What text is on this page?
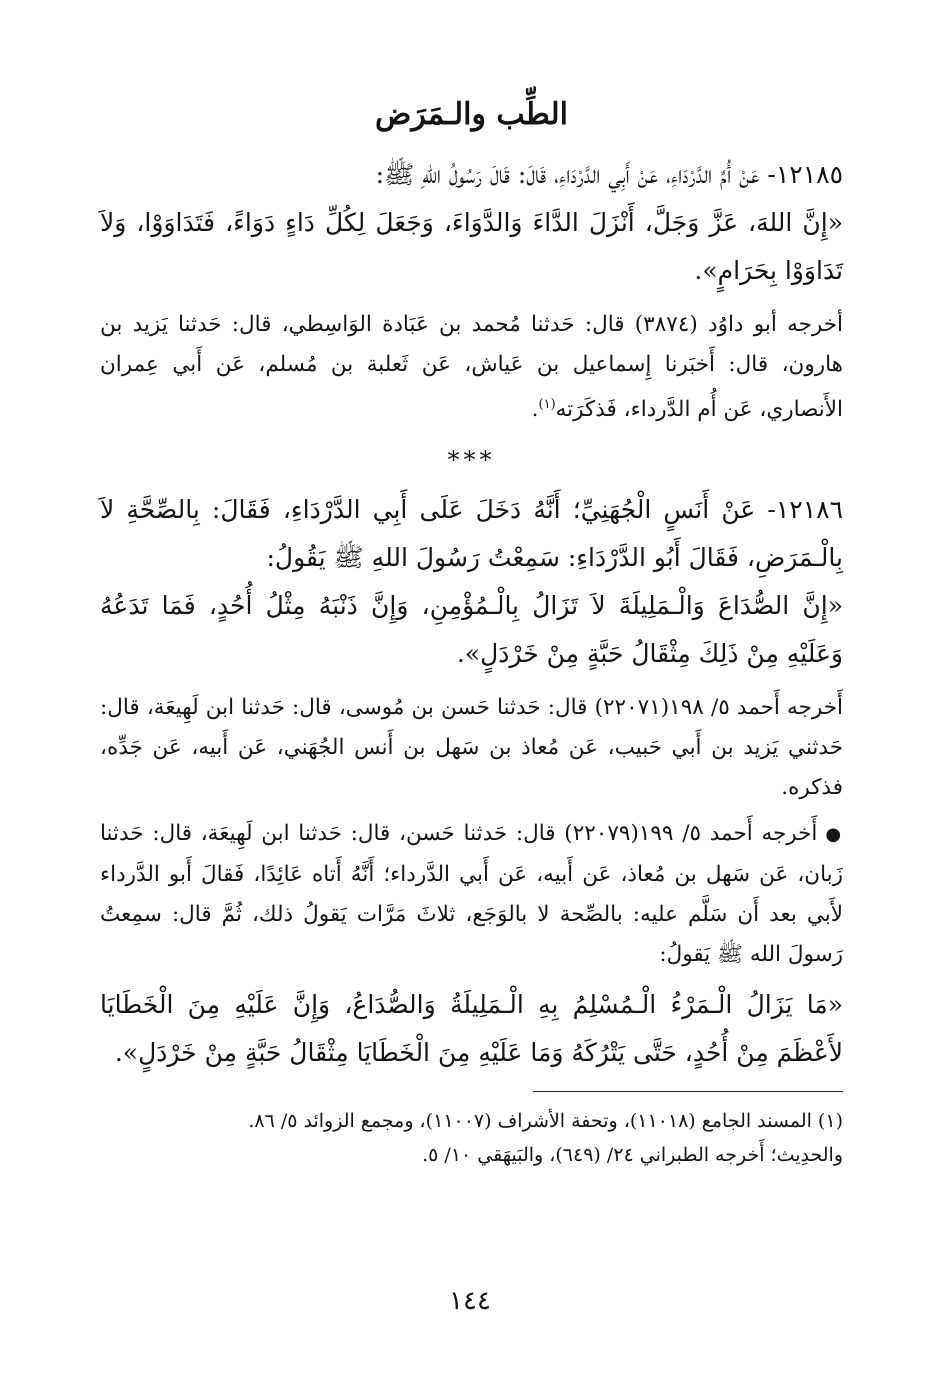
الطِّب والـمَرَض

١٢١٨٥- عَنْ أُمِّ الدَّرْدَاءِ، عَنْ أَبِي الدَّرْدَاءِ، قَالَ: قَالَ رَسُولُ اللهِ ﷺ:

«إِنَّ اللهَ، عَزَّ وَجَلَّ، أَنْزَلَ الدَّاءَ وَالدَّوَاءَ، وَجَعَلَ لِكُلِّ دَاءٍ دَوَاءً، فَتَدَاوَوْا، وَلاَ تَدَاوَوْا بِحَرَامٍ».

أخرجه أبو داوُد (٣٨٧٤) قال: حَدثنا مُحمد بن عَبَادة الوَاسِطي، قال: حَدثنا يَزيد بن هارون، قال: أَخبَرنا إِسماعيل بن عَياش، عَن ثَعلبة بن مُسلم، عَن أَبي عِمران الأَنصاري، عَن أُم الدَّرداء، فَذكَرَته$^{(١)}$.

***

١٢١٨٦- عَنْ أَنَسٍ الْجُهَنِيِّ؛ أَنَّهُ دَخَلَ عَلَى أَبِي الدَّرْدَاءِ، فَقَالَ: بِالصِّحَّةِ لاَ بِالْـمَرَضِ، فَقَالَ أَبُو الدَّرْدَاءِ: سَمِعْتُ رَسُولَ اللهِ ﷺ يَقُولُ:

«إِنَّ الصُّدَاعَ وَالْـمَلِيلَةَ لاَ تَزَالُ بِالْـمُؤْمِنِ، وَإِنَّ ذَنْبَهُ مِثْلُ أُحُدٍ، فَمَا تَدَعُهُ وَعَلَيْهِ مِنْ ذَلِكَ مِثْقَالُ حَبَّةٍ مِنْ خَرْدَلٍ».

أَخرجه أَحمد ٥/ ١٩٨(٢٢٠٧١) قال: حَدثنا حَسن بن مُوسى، قال: حَدثنا ابن لَهِيعَة، قال: حَدثني يَزيد بن أَبي حَبيب، عَن مُعاذ بن سَهل بن أَنس الجُهَني، عَن أَبيه، عَن جَدِّه، فذكره.

●أَخرجه أَحمد ٥/ ١٩٩(٢٢٠٧٩) قال: حَدثنا حَسن، قال: حَدثنا ابن لَهِيعَة، قال: حَدثنا زَبان، عَن سَهل بن مُعاذ، عَن أَبيه، عَن أَبي الدَّرداء؛ أَنَّهُ أَتاه عَائِدًا، فَقالَ أَبو الدَّرداء لأَبي بعد أَن سَلَّم عليه: بالصِّحة لا بالوَجَع، ثلاثَ مَرَّات يَقولُ ذلك، ثُمَّ قال: سمِعتُ رَسولَ الله ﷺ يَقولُ:

«مَا يَزَالُ الْـمَرْءُ الْـمُسْلِمُ بِهِ الْـمَلِيلَةُ وَالصُّدَاعُ، وَإِنَّ عَلَيْهِ مِنَ الْخَطَايَا لأَعْظَمَ مِنْ أُحُدٍ، حَتَّى يَتْرُكَهُ وَمَا عَلَيْهِ مِنَ الْخَطَايَا مِثْقَالُ حَبَّةٍ مِنْ خَرْدَلٍ».

(١) المسند الجامع (١١٠١٨)، وتحفة الأشراف (١١٠٠٧)، ومجمع الزوائد ٥/ ٨٦.

والحدِيث؛ أَخرجه الطبراني ٢٤/ (٦٤٩)، والبَيهَقي ١٠/ ٥.

١٤٤
